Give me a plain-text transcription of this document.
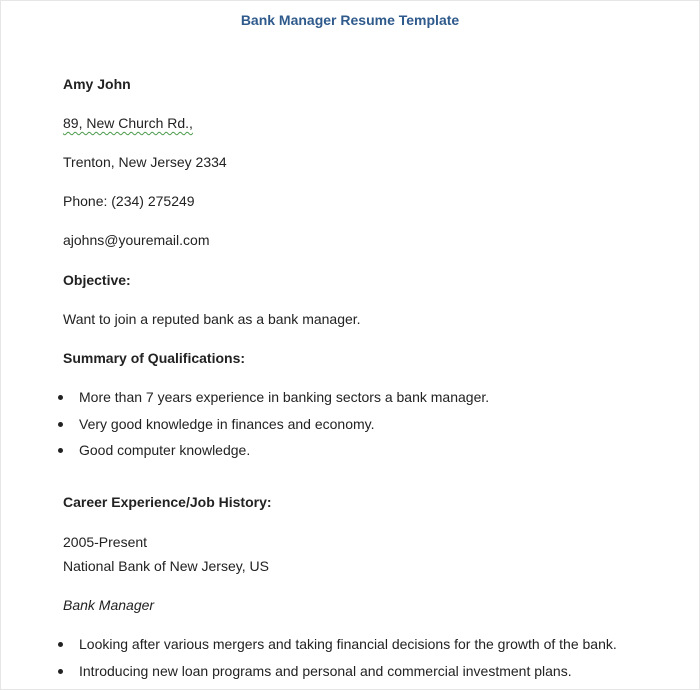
Bank Manager Resume Template
Amy John
89, New Church Rd.,
Trenton, New Jersey 2334
Phone: (234) 275249
ajohns@youremail.com
Objective:
Want to join a reputed bank as a bank manager.
Summary of Qualifications:
More than 7 years experience in banking sectors a bank manager.
Very good knowledge in finances and economy.
Good computer knowledge.
Career Experience/Job History:
2005-Present
National Bank of New Jersey, US
Bank Manager
Looking after various mergers and taking financial decisions for the growth of the bank.
Introducing new loan programs and personal and commercial investment plans.
